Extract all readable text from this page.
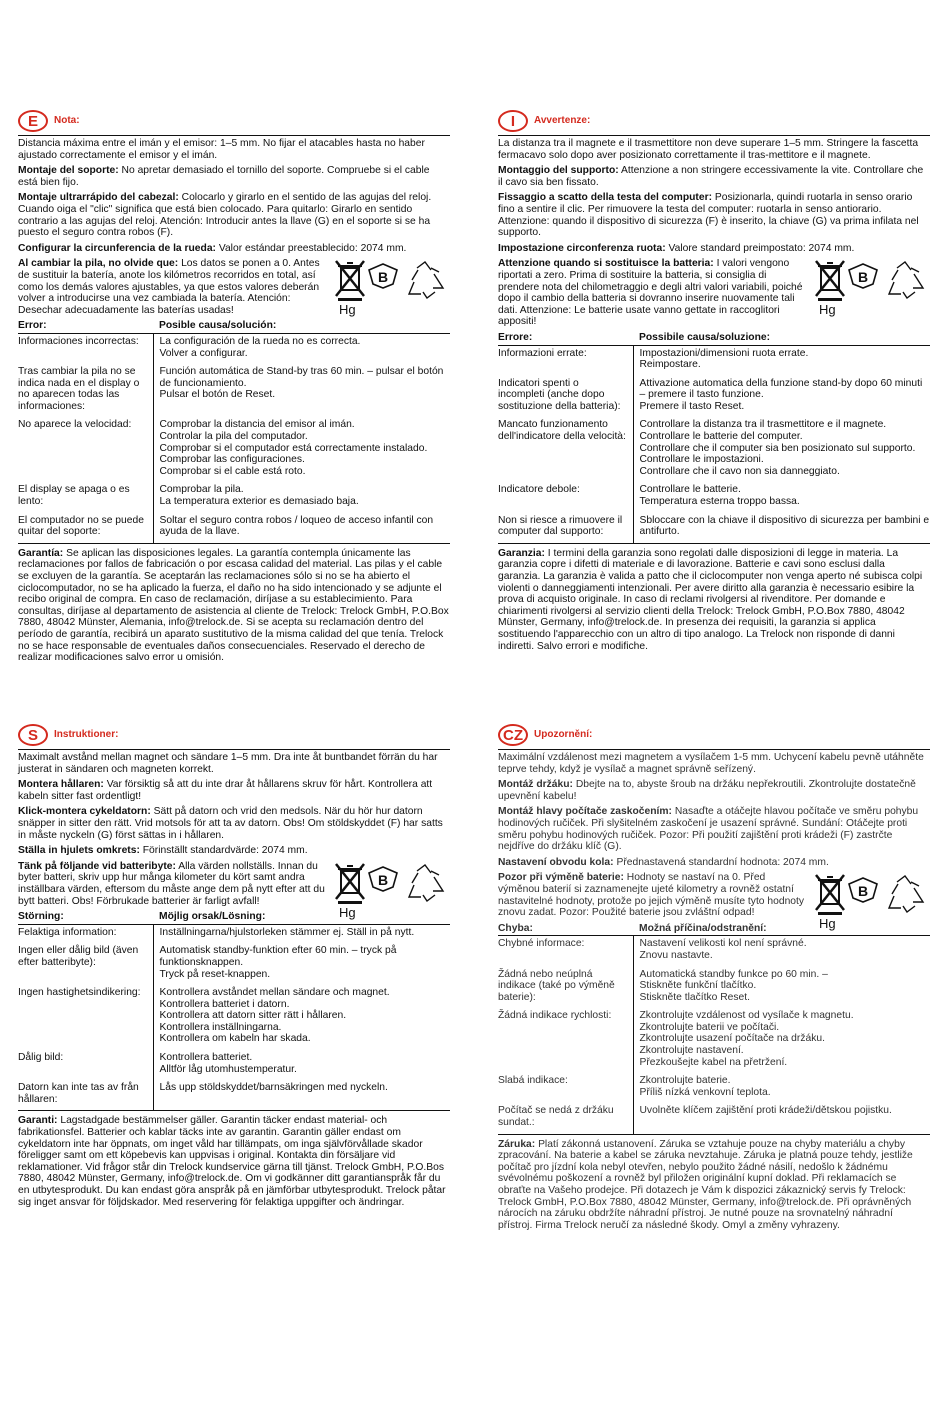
E Nota:

Distancia máxima entre el imán y el emisor: 1–5 mm. No fijar el atacables hasta no haber ajustado correctamente el emisor y el imán.

Montaje del soporte: No apretar demasiado el tornillo del soporte. Compruebe si el cable está bien fijo.

Montaje ultrarrápido del cabezal: Colocarlo y girarlo en el sentido de las agujas del reloj. Cuando oiga el "clic" significa que está bien colocado. Para quitarlo: Girarlo en sentido contrario a las agujas del reloj. Atención: Introducir antes la llave (G) en el soporte si se ha puesto el seguro contra robos (F).

Configurar la circunferencia de la rueda: Valor estándar preestablecido: 2074 mm.

Al cambiar la pila, no olvide que: Los datos se ponen a 0. Antes de sustituir la batería, anote los kilómetros recorridos en total, así como los demás valores ajustables, ya que estos valores deberán volver a introducirse una vez cambiada la batería. Atención: Desechar adecuadamente las baterías usadas!

B
Hg
Error:	Posible causa/solución:
Informaciones incorrectas:	La configuración de la rueda no es correcta.
Volver a configurar.
Tras cambiar la pila no se indica nada en el display o no aparecen todas las informaciones:	Función automática de Stand-by tras 60 min. – pulsar el botón de funcionamiento.
Pulsar el botón de Reset.
No aparece la velocidad:	Comprobar la distancia del emisor al imán.
Controlar la pila del computador.
Comprobar si el computador está correctamente instalado.
Comprobar las configuraciones.
Comprobar si el cable está roto.
El display se apaga o es lento:	Comprobar la pila.
La temperatura exterior es demasiado baja.
El computador no se puede quitar del soporte:	Soltar el seguro contra robos / loqueo de acceso infantil con ayuda de la llave.

Garantía: Se aplican las disposiciones legales. La garantía contempla únicamente las reclamaciones por fallos de fabricación o por escasa calidad del material. Las pilas y el cable se excluyen de la garantía. Se aceptarán las reclamaciones sólo si no se ha abierto el ciclocomputador, no se ha aplicado la fuerza, el daño no ha sido intencionado y se adjunte el recibo original de compra. En caso de reclamación, diríjase a su establecimiento. Para consultas, diríjase al departamento de asistencia al cliente de Trelock: Trelock GmbH, P.O.Box 7880, 48042 Münster, Alemania, info@trelock.de. Si se acepta su reclamación dentro del período de garantía, recibirá un aparato sustitutivo de la misma calidad del que tenía. Trelock no se hace responsable de eventuales daños consecuenciales. Reservado el derecho de realizar modificaciones salvo error u omisión.

I Avvertenze:

La distanza tra il magnete e il trasmettitore non deve superare 1–5 mm. Stringere la fascetta fermacavo solo dopo aver posizionato correttamente il tras-mettitore e il magnete.

Montaggio del supporto: Attenzione a non stringere eccessivamente la vite. Controllare che il cavo sia ben fissato.

Fissaggio a scatto della testa del computer: Posizionarla, quindi ruotarla in senso orario fino a sentire il clic. Per rimuovere la testa del computer: ruotarla in senso antiorario. Attenzione: quando il dispositivo di sicurezza (F) è inserito, la chiave (G) va prima infilata nel supporto.

Impostazione circonferenza ruota: Valore standard preimpostato: 2074 mm.

Attenzione quando si sostituisce la batteria: I valori vengono riportati a zero. Prima di sostituire la batteria, si consiglia di prendere nota del chilometraggio e degli altri valori variabili, poiché dopo il cambio della batteria si dovranno inserire nuovamente tali dati. Attenzione: Le batterie usate vanno gettate in raccoglitori appositi!

B
Hg
Errore:	Possibile causa/soluzione:
Informazioni errate:	Impostazioni/dimensioni ruota errate.
Reimpostare.
Indicatori spenti o incompleti (anche dopo sostituzione della batteria):	Attivazione automatica della funzione stand-by dopo 60 minuti – premere il tasto funzione.
Premere il tasto Reset.
Mancato funzionamento dell'indicatore della velocità:	Controllare la distanza tra il trasmettitore e il magnete.
Controllare le batterie del computer.
Controllare che il computer sia ben posizionato sul supporto.
Controllare le impostazioni.
Controllare che il cavo non sia danneggiato.
Indicatore debole:	Controllare le batterie.
Temperatura esterna troppo bassa.
Non si riesce a rimuovere il computer dal supporto:	Sbloccare con la chiave il dispositivo di sicurezza per bambini e antifurto.

Garanzia: I termini della garanzia sono regolati dalle disposizioni di legge in materia. La garanzia copre i difetti di materiale e di lavorazione. Batterie e cavi sono esclusi dalla garanzia. La garanzia è valida a patto che il ciclocomputer non venga aperto né subisca colpi violenti o danneggiamenti intenzionali. Per avere diritto alla garanzia è necessario esibire la prova di acquisto originale. In caso di reclami rivolgersi al rivenditore. Per domande e chiarimenti rivolgersi al servizio clienti della Trelock: Trelock GmbH, P.O.Box 7880, 48042 Münster, Germany, info@trelock.de. In presenza dei requisiti, la garanzia si applica sostituendo l'apparecchio con un altro di tipo analogo. La Trelock non risponde di danni indiretti. Salvo errori e modifiche.

S Instruktioner:

Maximalt avstånd mellan magnet och sändare 1–5 mm. Dra inte åt buntbandet förrän du har justerat in sändaren och magneten korrekt.

Montera hållaren: Var försiktig så att du inte drar åt hållarens skruv för hårt. Kontrollera att kabeln sitter fast ordentligt!

Klick-montera cykeldatorn: Sätt på datorn och vrid den medsols. När du hör hur datorn snäpper in sitter den rätt. Vrid motsols för att ta av datorn. Obs! Om stöldskyddet (F) har satts in måste nyckeln (G) först sättas in i hållaren.

Ställa in hjulets omkrets: Förinställt standardvärde: 2074 mm.

Tänk på följande vid batteribyte: Alla värden nollställs. Innan du byter batteri, skriv upp hur många kilometer du kört samt andra inställbara värden, eftersom du måste ange dem på nytt efter att du bytt batteri. Obs! Förbrukade batterier är farligt avfall!

B
Hg
Störning:	Möjlig orsak/Lösning:
Felaktiga information:	Inställningarna/hjulstorleken stämmer ej. Ställ in på nytt.
Ingen eller dålig bild (även efter batteribyte):	Automatisk standby-funktion efter 60 min. – tryck på funktionsknappen.
Tryck på reset-knappen.
Ingen hastighetsindikering:	Kontrollera avståndet mellan sändare och magnet.
Kontrollera batteriet i datorn.
Kontrollera att datorn sitter rätt i hållaren.
Kontrollera inställningarna.
Kontrollera om kabeln har skada.
Dålig bild:	Kontrollera batteriet.
Alltför låg utomhustemperatur.
Datorn kan inte tas av från hållaren:	Lås upp stöldskyddet/barnsäkringen med nyckeln.

Garanti: Lagstadgade bestämmelser gäller. Garantin täcker endast material- och fabrikationsfel. Batterier och kablar täcks inte av garantin. Garantin gäller endast om cykeldatorn inte har öppnats, om inget våld har tillämpats, om inga självförvållade skador föreligger samt om ett köpebevis kan uppvisas i original. Kontakta din försäljare vid reklamationer. Vid frågor står din Trelock kundservice gärna till tjänst. Trelock GmbH, P.O.Bos 7880, 48042 Münster, Germany, info@trelock.de. Om vi godkänner ditt garantianspråk får du en utbytesprodukt. Du kan endast göra anspråk på en jämförbar utbytesprodukt. Trelock påtar sig inget ansvar för följdskador. Med reservering för felaktiga uppgifter och ändringar.

CZ Upozornění:

Maximální vzdálenost mezi magnetem a vysílačem 1-5 mm. Uchycení kabelu pevně utáhněte teprve tehdy, když je vysílač a magnet správně seřízený.

Montáž držáku: Dbejte na to, abyste šroub na držáku nepřekroutili. Zkontrolujte dostatečně upevnění kabelu!

Montáž hlavy počítače zaskočením: Nasaďte a otáčejte hlavou počítače ve směru pohybu hodinových ručiček. Při slyšitelném zaskočení je usazení správné. Sundání: Otáčejte proti směru pohybu hodinových ručiček. Pozor: Při použití zajištění proti krádeži (F) zastrčte nejdříve do držáku klíč (G).

Nastavení obvodu kola: Přednastavená standardní hodnota: 2074 mm.

Pozor při výměně baterie: Hodnoty se nastaví na 0. Před výměnou baterií si zaznamenejte ujeté kilometry a rovněž ostatní nastavitelné hodnoty, protože po jejich výměně musíte tyto hodnoty znovu zadat. Pozor: Použité baterie jsou zvláštní odpad!

B
Hg
Chyba:	Možná příčina/odstranění:
Chybné informace:	Nastavení velikosti kol není správné.
Znovu nastavte.
Žádná nebo neúplná indikace (také po výměně baterie):	Automatická standby funkce po 60 min. –
Stiskněte funkční tlačítko.
Stiskněte tlačítko Reset.
Žádná indikace rychlosti:	Zkontrolujte vzdálenost od vysílače k magnetu.
Zkontrolujte baterii ve počítači.
Zkontrolujte usazení počítače na držáku.
Zkontrolujte nastavení.
Přezkoušejte kabel na přetržení.
Slabá indikace:	Zkontrolujte baterie.
Příliš nízká venkovní teplota.
Počítač se nedá z držáku sundat.:	Uvolněte klíčem zajištění proti krádeži/dětskou pojistku.

Záruka: Platí zákonná ustanovení. Záruka se vztahuje pouze na chyby materiálu a chyby zpracování. Na baterie a kabel se záruka nevztahuje. Záruka je platná pouze tehdy, jestliže počítač pro jízdní kola nebyl otevřen, nebylo použito žádné násilí, nedošlo k žádnému svévolnému poškození a rovněž byl přiložen originální kupní doklad. Při reklamacích se obraťte na Vašeho prodejce. Při dotazech je Vám k dispozici zákaznický servis fy Trelock: Trelock GmbH, P.O.Box 7880, 48042 Münster, Germany, info@trelock.de. Při oprávněných nárocích na záruku obdržíte náhradní přístroj. Je nutné pouze na srovnatelný náhradní přístroj. Firma Trelock neručí za následné škody. Omyl a změny vyhrazeny.
